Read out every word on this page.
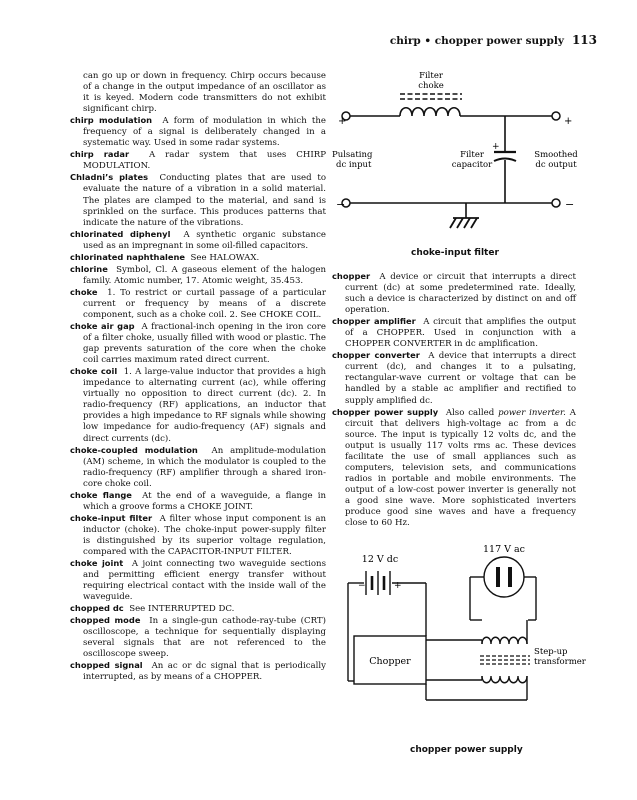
chirp • chopper power supply 113

can go up or down in frequency. Chirp occurs because of a change in the output impedance of an oscillator as it is keyed. Modern code transmitters do not exhibit significant chirp.

chirp modulation A form of modulation in which the frequency of a signal is deliberately changed in a systematic way. Used in some radar systems.

chirp radar A radar system that uses CHIRP MODULATION.

Chladni’s plates Conducting plates that are used to evaluate the nature of a vibration in a solid material. The plates are clamped to the material, and sand is sprinkled on the surface. This produces patterns that indicate the nature of the vibrations.

chlorinated diphenyl A synthetic organic substance used as an impregnant in some oil-filled capacitors.

chlorinated naphthalene See HALOWAX.

chlorine Symbol, Cl. A gaseous element of the halogen family. Atomic number, 17. Atomic weight, 35.453.

choke 1. To restrict or curtail passage of a particular current or frequency by means of a discrete component, such as a choke coil. 2. See CHOKE COIL.

choke air gap A fractional-inch opening in the iron core of a filter choke, usually filled with wood or plastic. The gap prevents saturation of the core when the choke coil carries maximum rated direct current.

choke coil 1. A large-value inductor that provides a high impedance to alternating current (ac), while offering virtually no opposition to direct current (dc). 2. In radio-frequency (RF) applications, an inductor that provides a high impedance to RF signals while showing low impedance for audio-frequency (AF) signals and direct currents (dc).

choke-coupled modulation An amplitude-modulation (AM) scheme, in which the modulator is coupled to the radio-frequency (RF) amplifier through a shared iron-core choke coil.

choke flange At the end of a waveguide, a flange in which a groove forms a CHOKE JOINT.

choke-input filter A filter whose input component is an inductor (choke). The choke-input power-supply filter is distinguished by its superior voltage regulation, compared with the CAPACITOR-INPUT FILTER.

choke joint A joint connecting two waveguide sections and permitting efficient energy transfer without requiring electrical contact with the inside wall of the waveguide.

chopped dc See INTERRUPTED DC.

chopped mode In a single-gun cathode-ray-tube (CRT) oscilloscope, a technique for sequentially displaying several signals that are not referenced to the oscilloscope sweep.

chopped signal An ac or dc signal that is periodically interrupted, as by means of a CHOPPER.

Filter
choke
+	+
+
Pulsating
dc input
Filter
capacitor
Smoothed
dc output
−	−
choke-input filter

chopper A device or circuit that interrupts a direct current (dc) at some predetermined rate. Ideally, such a device is characterized by distinct on and off operation.

chopper amplifier A circuit that amplifies the output of a CHOPPER. Used in conjunction with a CHOPPER CONVERTER in dc amplification.

chopper converter A device that interrupts a direct current (dc), and changes it to a pulsating, rectangular-wave current or voltage that can be handled by a stable ac amplifier and rectified to supply amplified dc.

chopper power supply Also called power inverter. A circuit that delivers high-voltage ac from a dc source. The input is typically 12 volts dc, and the output is usually 117 volts rms ac. These devices facilitate the use of small appliances such as computers, television sets, and communications radios in portable and mobile environments. The output of a low-cost power inverter is generally not a good sine wave. More sophisticated inverters produce good sine waves and have a frequency close to 60 Hz.

−	+
12 V dc
117 V ac
Chopper
Step-up
transformer
chopper power supply
